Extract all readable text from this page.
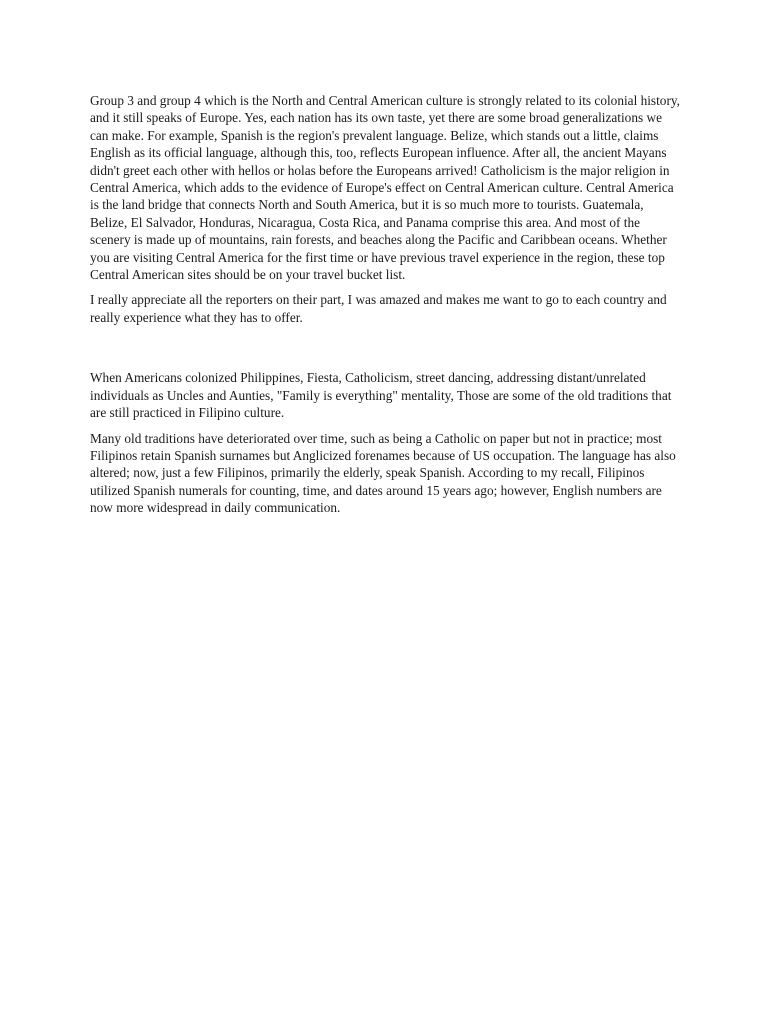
Group 3 and group 4 which is the North and Central American culture is strongly related to its colonial history, and it still speaks of Europe. Yes, each nation has its own taste, yet there are some broad generalizations we can make. For example, Spanish is the region's prevalent language. Belize, which stands out a little, claims English as its official language, although this, too, reflects European influence. After all, the ancient Mayans didn't greet each other with hellos or holas before the Europeans arrived! Catholicism is the major religion in Central America, which adds to the evidence of Europe's effect on Central American culture. Central America is the land bridge that connects North and South America, but it is so much more to tourists. Guatemala, Belize, El Salvador, Honduras, Nicaragua, Costa Rica, and Panama comprise this area. And most of the scenery is made up of mountains, rain forests, and beaches along the Pacific and Caribbean oceans. Whether you are visiting Central America for the first time or have previous travel experience in the region, these top Central American sites should be on your travel bucket list.

I really appreciate all the reporters on their part, I was amazed and makes me want to go to each country and really experience what they has to offer.

When Americans colonized Philippines, Fiesta, Catholicism, street dancing, addressing distant/unrelated individuals as Uncles and Aunties, "Family is everything" mentality, Those are some of the old traditions that are still practiced in Filipino culture.

Many old traditions have deteriorated over time, such as being a Catholic on paper but not in practice; most Filipinos retain Spanish surnames but Anglicized forenames because of US occupation. The language has also altered; now, just a few Filipinos, primarily the elderly, speak Spanish. According to my recall, Filipinos utilized Spanish numerals for counting, time, and dates around 15 years ago; however, English numbers are now more widespread in daily communication.
